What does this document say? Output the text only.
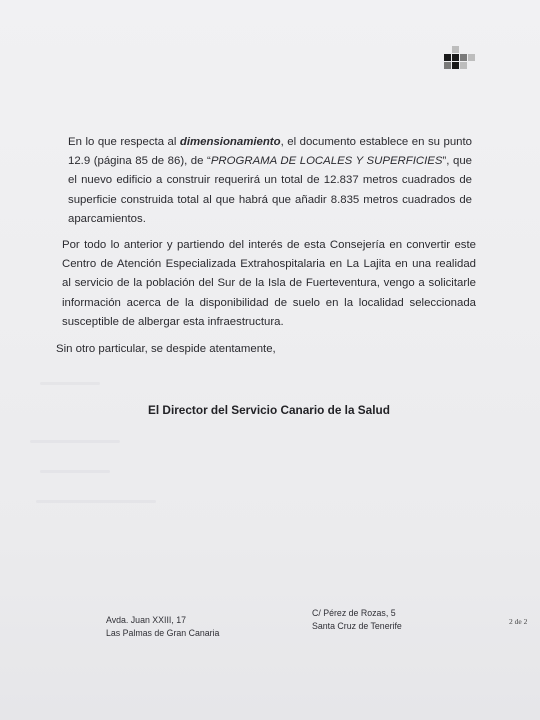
En lo que respecta al dimensionamiento, el documento establece en su punto 12.9 (página 85 de 86), de “PROGRAMA DE LOCALES Y SUPERFICIES”, que el nuevo edificio a construir requerirá un total de 12.837 metros cuadrados de superficie construida total al que habrá que añadir 8.835 metros cuadrados de aparcamientos.

Por todo lo anterior y partiendo del interés de esta Consejería en convertir este Centro de Atención Especializada Extrahospitalaria en La Lajita en una realidad al servicio de la población del Sur de la Isla de Fuerteventura, vengo a solicitarle información acerca de la disponibilidad de suelo en la localidad seleccionada susceptible de albergar esta infraestructura.

Sin otro particular, se despide atentamente,

El Director del Servicio Canario de la Salud
Avda. Juan XXIII, 17
Las Palmas de Gran Canaria
C/ Pérez de Rozas, 5
Santa Cruz de Tenerife	2 de 2
